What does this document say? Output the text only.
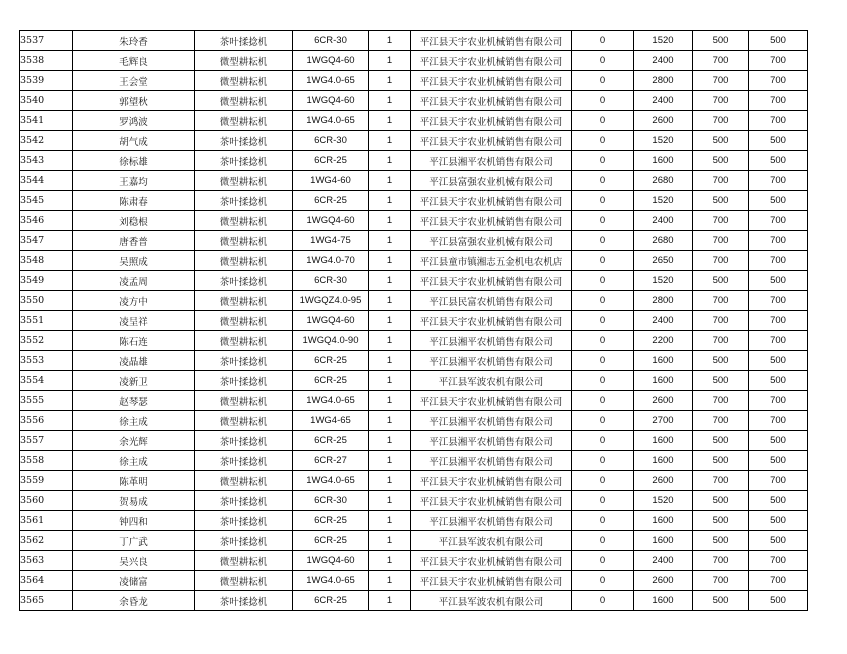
3537	朱玲香	茶叶揉捻机	6CR-30	1	平江县天宇农业机械销售有限公司	0	1520	500	500
3538	毛辉良	微型耕耘机	1WGQ4-60	1	平江县天宇农业机械销售有限公司	0	2400	700	700
3539	王会堂	微型耕耘机	1WG4.0-65	1	平江县天宇农业机械销售有限公司	0	2800	700	700
3540	郭望秋	微型耕耘机	1WGQ4-60	1	平江县天宇农业机械销售有限公司	0	2400	700	700
3541	罗鸿波	微型耕耘机	1WG4.0-65	1	平江县天宇农业机械销售有限公司	0	2600	700	700
3542	胡气成	茶叶揉捻机	6CR-30	1	平江县天宇农业机械销售有限公司	0	1520	500	500
3543	徐标雄	茶叶揉捻机	6CR-25	1	平江县湘平农机销售有限公司	0	1600	500	500
3544	王嘉均	微型耕耘机	1WG4-60	1	平江县富强农业机械有限公司	0	2680	700	700
3545	陈肃春	茶叶揉捻机	6CR-25	1	平江县天宇农业机械销售有限公司	0	1520	500	500
3546	刘稳根	微型耕耘机	1WGQ4-60	1	平江县天宇农业机械销售有限公司	0	2400	700	700
3547	唐香普	微型耕耘机	1WG4-75	1	平江县富强农业机械有限公司	0	2680	700	700
3548	吴照成	微型耕耘机	1WG4.0-70	1	平江县童市镇湘志五金机电农机店	0	2650	700	700
3549	凌孟周	茶叶揉捻机	6CR-30	1	平江县天宇农业机械销售有限公司	0	1520	500	500
3550	凌方中	微型耕耘机	1WGQZ4.0-95	1	平江县民富农机销售有限公司	0	2800	700	700
3551	凌呈祥	微型耕耘机	1WGQ4-60	1	平江县天宇农业机械销售有限公司	0	2400	700	700
3552	陈石连	微型耕耘机	1WGQ4.0-90	1	平江县湘平农机销售有限公司	0	2200	700	700
3553	凌晶雄	茶叶揉捻机	6CR-25	1	平江县湘平农机销售有限公司	0	1600	500	500
3554	凌新卫	茶叶揉捻机	6CR-25	1	平江县军波农机有限公司	0	1600	500	500
3555	赵琴瑟	微型耕耘机	1WG4.0-65	1	平江县天宇农业机械销售有限公司	0	2600	700	700
3556	徐主成	微型耕耘机	1WG4-65	1	平江县湘平农机销售有限公司	0	2700	700	700
3557	余光辉	茶叶揉捻机	6CR-25	1	平江县湘平农机销售有限公司	0	1600	500	500
3558	徐主成	茶叶揉捻机	6CR-27	1	平江县湘平农机销售有限公司	0	1600	500	500
3559	陈革明	微型耕耘机	1WG4.0-65	1	平江县天宇农业机械销售有限公司	0	2600	700	700
3560	贺易成	茶叶揉捻机	6CR-30	1	平江县天宇农业机械销售有限公司	0	1520	500	500
3561	钟四和	茶叶揉捻机	6CR-25	1	平江县湘平农机销售有限公司	0	1600	500	500
3562	丁广武	茶叶揉捻机	6CR-25	1	平江县军波农机有限公司	0	1600	500	500
3563	吴兴良	微型耕耘机	1WGQ4-60	1	平江县天宇农业机械销售有限公司	0	2400	700	700
3564	凌储富	微型耕耘机	1WG4.0-65	1	平江县天宇农业机械销售有限公司	0	2600	700	700
3565	余昏龙	茶叶揉捻机	6CR-25	1	平江县军波农机有限公司	0	1600	500	500
